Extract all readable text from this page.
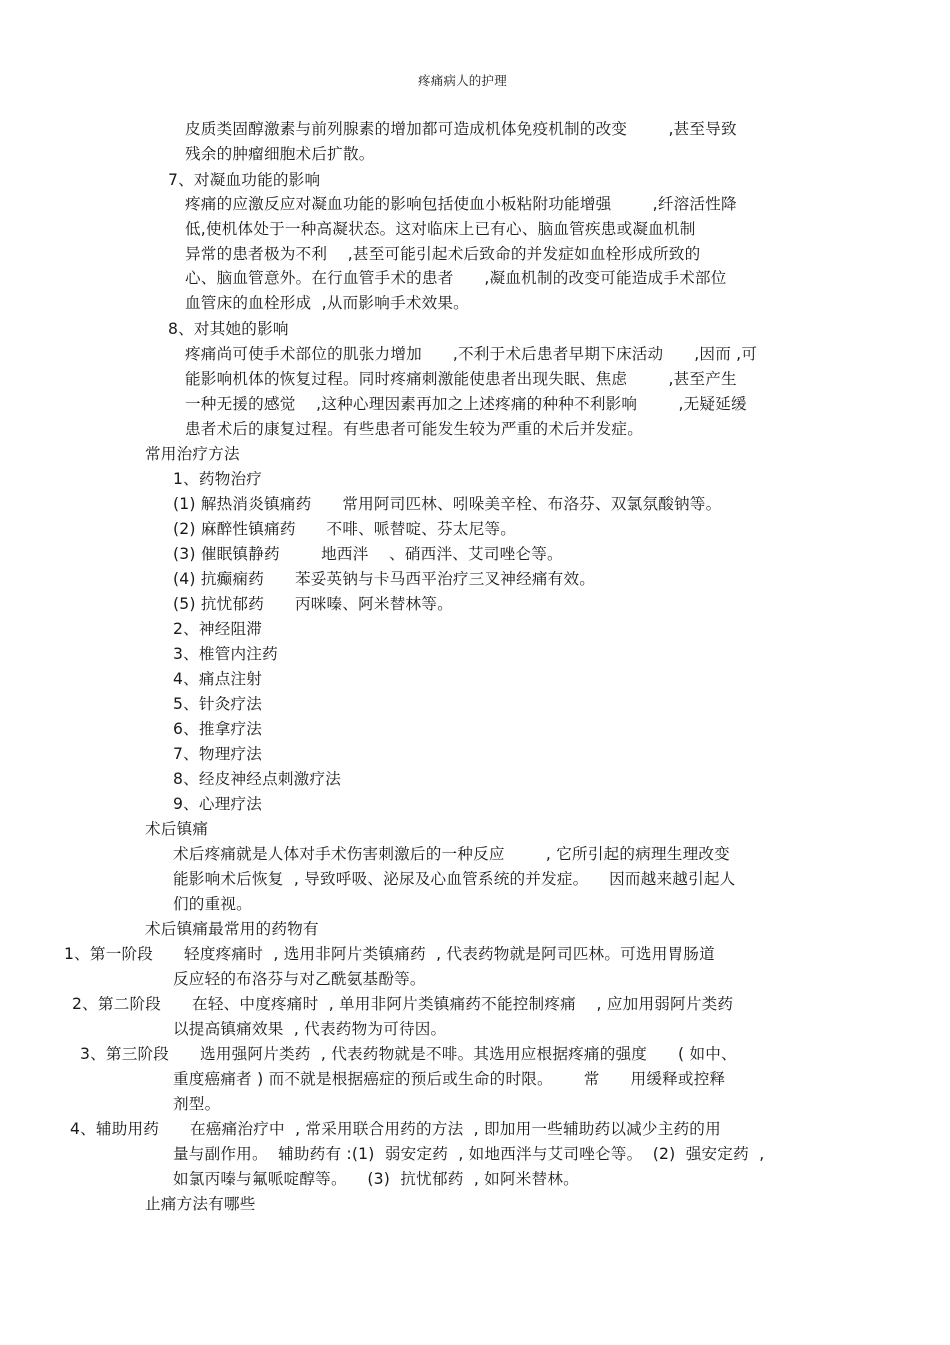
疼痛病人的护理

皮质类固醇激素与前列腺素的增加都可造成机体免疫机制的改变        ,甚至导致

残余的肿瘤细胞术后扩散。

7、对凝血功能的影响

疼痛的应激反应对凝血功能的影响包括使血小板粘附功能增强        ,纤溶活性降

低,使机体处于一种高凝状态。这对临床上已有心、脑血管疾患或凝血机制

异常的患者极为不利    ,甚至可能引起术后致命的并发症如血栓形成所致的

心、脑血管意外。在行血管手术的患者      ,凝血机制的改变可能造成手术部位

血管床的血栓形成  ,从而影响手术效果。

8、对其她的影响

疼痛尚可使手术部位的肌张力增加      ,不利于术后患者早期下床活动      ,因而 ,可

能影响机体的恢复过程。同时疼痛刺激能使患者出现失眠、焦虑        ,甚至产生

一种无援的感觉    ,这种心理因素再加之上述疼痛的种种不利影响        ,无疑延缓

患者术后的康复过程。有些患者可能发生较为严重的术后并发症。

常用治疗方法

1、药物治疗

(1) 解热消炎镇痛药      常用阿司匹林、吲哚美辛栓、布洛芬、双氯氛酸钠等。

(2) 麻醉性镇痛药      不啡、哌替啶、芬太尼等。

(3) 催眠镇静药        地西泮    、硝西泮、艾司唑仑等。

(4) 抗癫痫药      苯妥英钠与卡马西平治疗三叉神经痛有效。

(5) 抗忧郁药      丙咪嗪、阿米替林等。

2、神经阻滞

3、椎管内注药

4、痛点注射

5、针灸疗法

6、推拿疗法

7、物理疗法

8、经皮神经点刺激疗法

9、心理疗法

术后镇痛

术后疼痛就是人体对手术伤害刺激后的一种反应        , 它所引起的病理生理改变

能影响术后恢复  , 导致呼吸、泌尿及心血管系统的并发症。    因而越来越引起人

们的重视。

术后镇痛最常用的药物有

1、第一阶段      轻度疼痛时  , 选用非阿片类镇痛药  , 代表药物就是阿司匹林。可选用胃肠道

反应轻的布洛芬与对乙酰氨基酚等。

2、第二阶段      在轻、中度疼痛时  , 单用非阿片类镇痛药不能控制疼痛    , 应加用弱阿片类药

以提高镇痛效果  , 代表药物为可待因。

3、第三阶段      选用强阿片类药  , 代表药物就是不啡。其选用应根据疼痛的强度      ( 如中、

重度癌痛者 ) 而不就是根据癌症的预后或生命的时限。      常      用缓释或控释

剂型。

4、辅助用药      在癌痛治疗中  , 常采用联合用药的方法  , 即加用一些辅助药以减少主药的用

量与副作用。  辅助药有 :(1)  弱安定药  , 如地西泮与艾司唑仑等。  (2)  强安定药  ,

如氯丙嗪与氟哌啶醇等。    (3)  抗忧郁药  , 如阿米替林。

止痛方法有哪些
